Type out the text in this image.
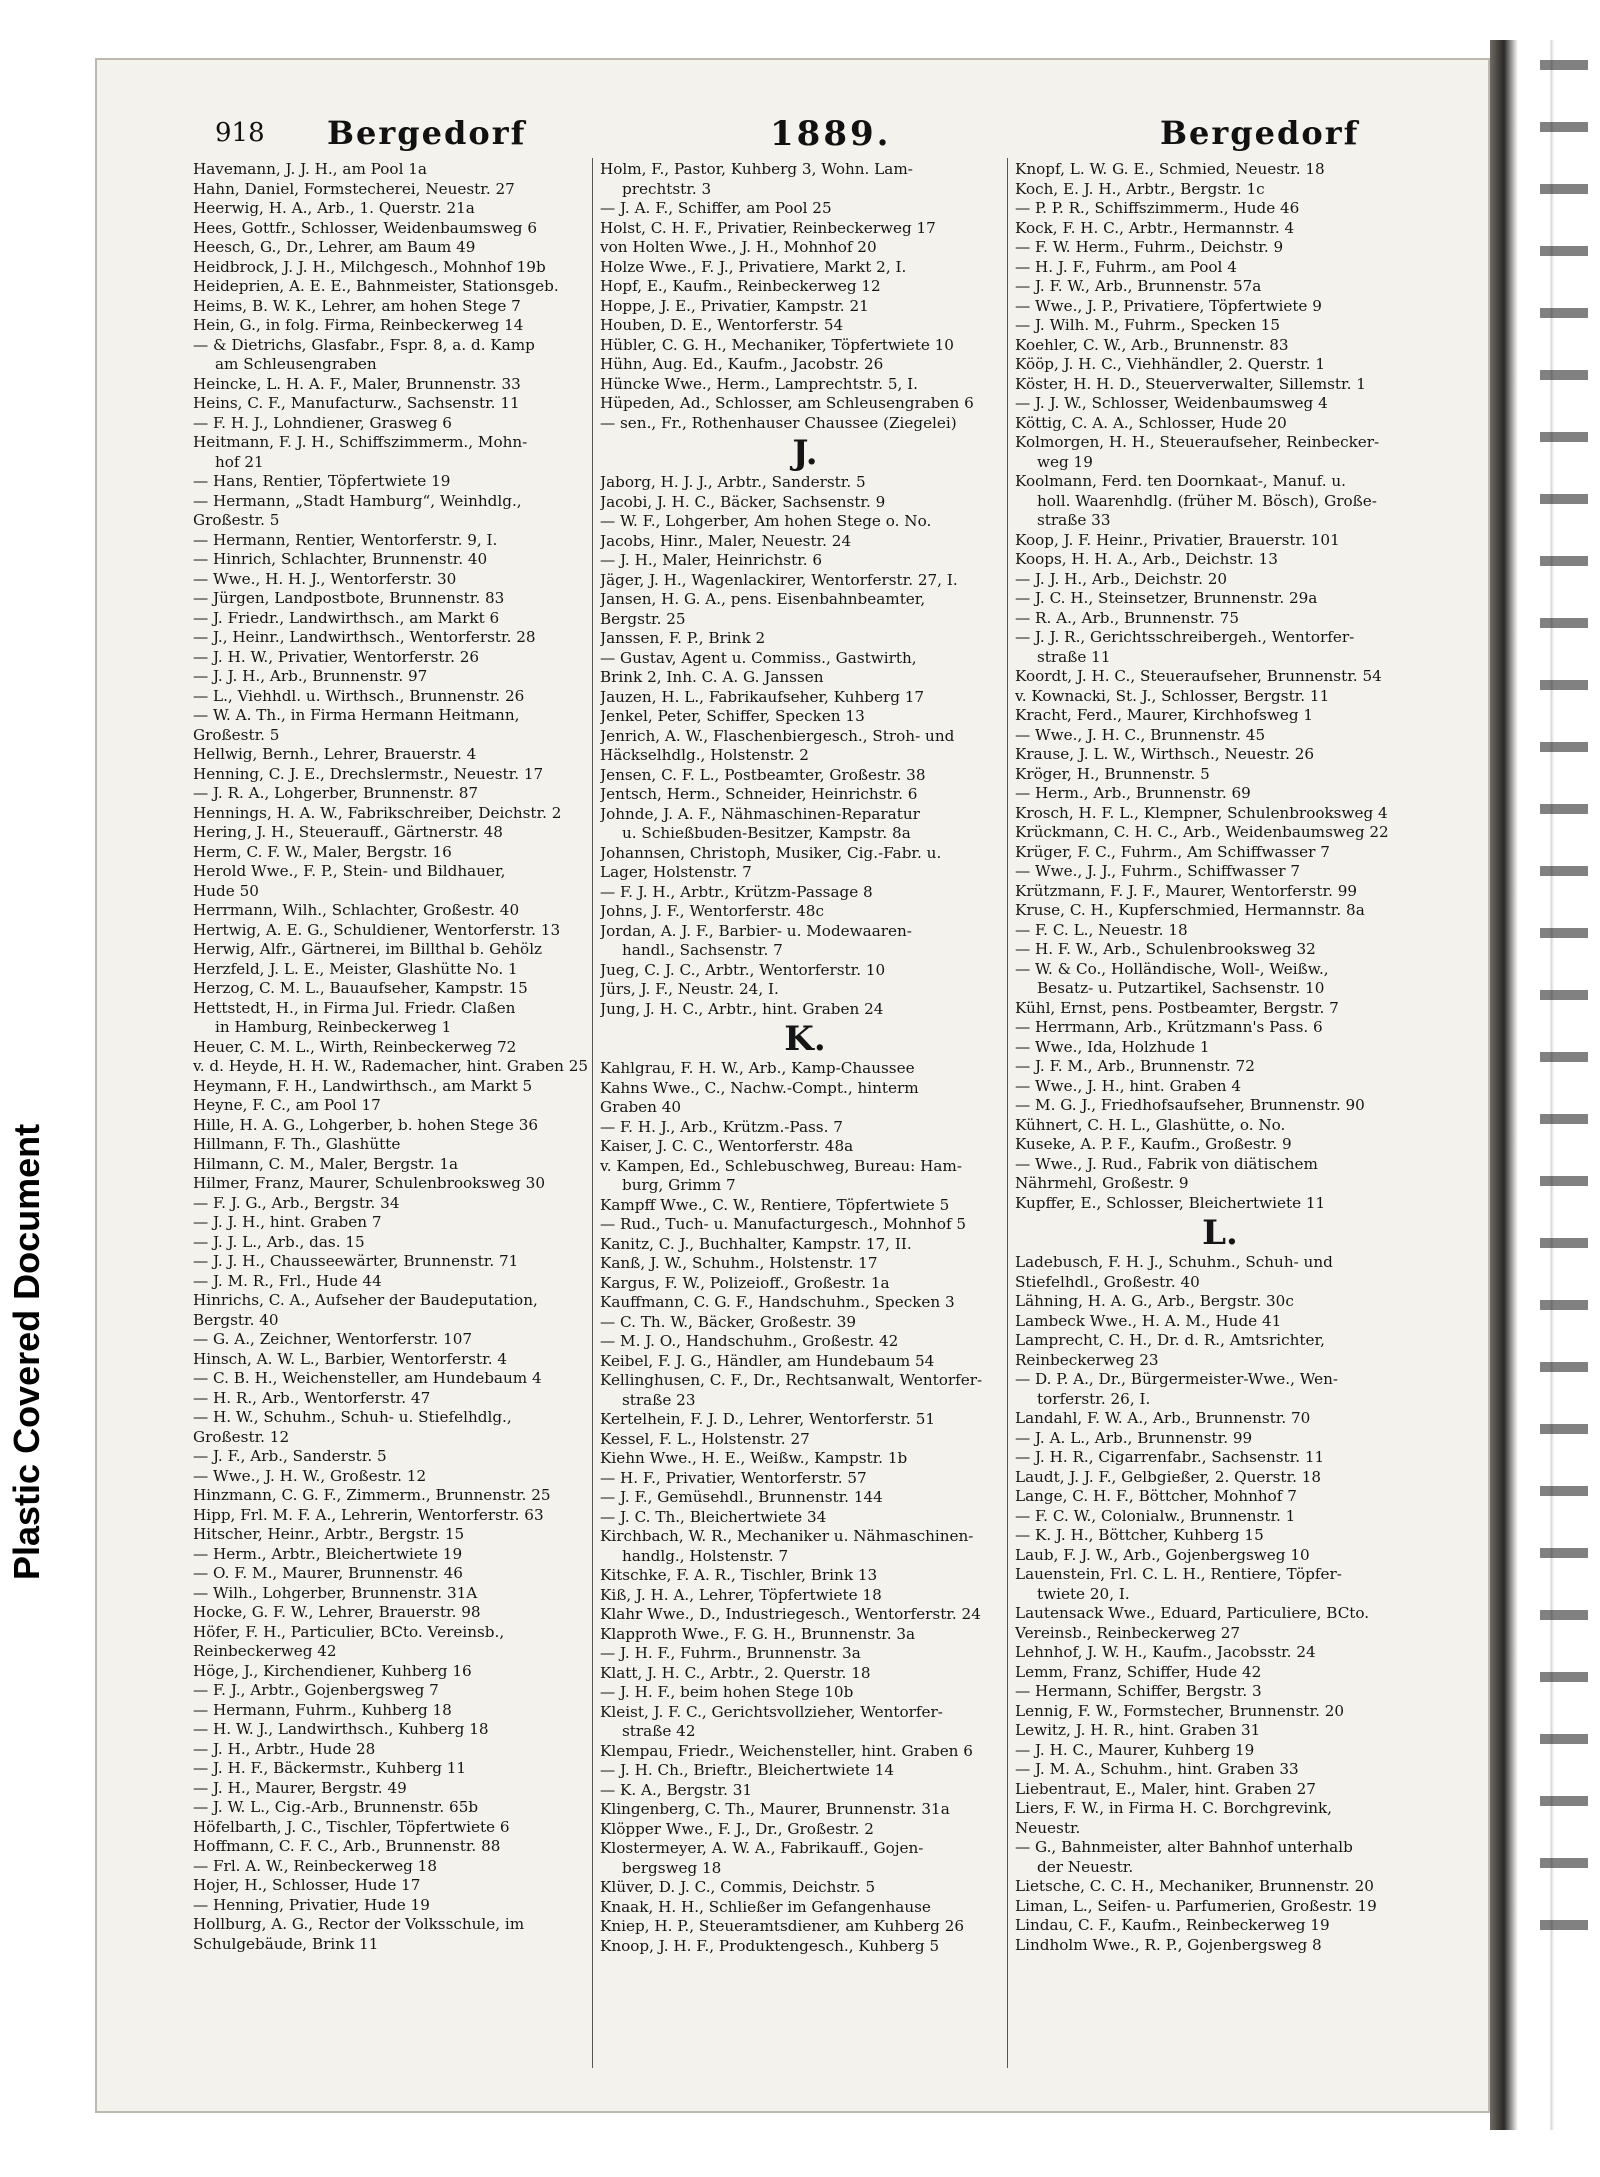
Plastic Covered Document
918 Bergedorf	1889.	Bergedorf
Havemann, J. J. H., am Pool 1a
Hahn, Daniel, Formstecherei, Neuestr. 27
Heerwig, H. A., Arb., 1. Querstr. 21a
Hees, Gottfr., Schlosser, Weidenbaumsweg 6
Heesch, G., Dr., Lehrer, am Baum 49
Heidbrock, J. J. H., Milchgesch., Mohnhof 19b
Heideprien, A. E. E., Bahnmeister, Stationsgeb.
Heims, B. W. K., Lehrer, am hohen Stege 7
Hein, G., in folg. Firma, Reinbeckerweg 14
— & Dietrichs, Glasfabr., Fspr. 8, a. d. Kamp
am Schleusengraben
Heincke, L. H. A. F., Maler, Brunnenstr. 33
Heins, C. F., Manufacturw., Sachsenstr. 11
— F. H. J., Lohndiener, Grasweg 6
Heitmann, F. J. H., Schiffszimmerm., Mohn-
hof 21
— Hans, Rentier, Töpfertwiete 19
— Hermann, „Stadt Hamburg“, Weinhdlg.,
Großestr. 5
— Hermann, Rentier, Wentorferstr. 9, I.
— Hinrich, Schlachter, Brunnenstr. 40
— Wwe., H. H. J., Wentorferstr. 30
— Jürgen, Landpostbote, Brunnenstr. 83
— J. Friedr., Landwirthsch., am Markt 6
— J., Heinr., Landwirthsch., Wentorferstr. 28
— J. H. W., Privatier, Wentorferstr. 26
— J. J. H., Arb., Brunnenstr. 97
— L., Viehhdl. u. Wirthsch., Brunnenstr. 26
— W. A. Th., in Firma Hermann Heitmann,
Großestr. 5
Hellwig, Bernh., Lehrer, Brauerstr. 4
Henning, C. J. E., Drechslermstr., Neuestr. 17
— J. R. A., Lohgerber, Brunnenstr. 87
Hennings, H. A. W., Fabrikschreiber, Deichstr. 2
Hering, J. H., Steuerauff., Gärtnerstr. 48
Herm, C. F. W., Maler, Bergstr. 16
Herold Wwe., F. P., Stein- und Bildhauer,
Hude 50
Herrmann, Wilh., Schlachter, Großestr. 40
Hertwig, A. E. G., Schuldiener, Wentorferstr. 13
Herwig, Alfr., Gärtnerei, im Billthal b. Gehölz
Herzfeld, J. L. E., Meister, Glashütte No. 1
Herzog, C. M. L., Bauaufseher, Kampstr. 15
Hettstedt, H., in Firma Jul. Friedr. Claßen
in Hamburg, Reinbeckerweg 1
Heuer, C. M. L., Wirth, Reinbeckerweg 72
v. d. Heyde, H. H. W., Rademacher, hint. Graben 25
Heymann, F. H., Landwirthsch., am Markt 5
Heyne, F. C., am Pool 17
Hille, H. A. G., Lohgerber, b. hohen Stege 36
Hillmann, F. Th., Glashütte
Hilmann, C. M., Maler, Bergstr. 1a
Hilmer, Franz, Maurer, Schulenbrooksweg 30
— F. J. G., Arb., Bergstr. 34
— J. J. H., hint. Graben 7
— J. J. L., Arb., das. 15
— J. J. H., Chausseewärter, Brunnenstr. 71
— J. M. R., Frl., Hude 44
Hinrichs, C. A., Aufseher der Baudeputation,
Bergstr. 40
— G. A., Zeichner, Wentorferstr. 107
Hinsch, A. W. L., Barbier, Wentorferstr. 4
— C. B. H., Weichensteller, am Hundebaum 4
— H. R., Arb., Wentorferstr. 47
— H. W., Schuhm., Schuh- u. Stiefelhdlg.,
Großestr. 12
— J. F., Arb., Sanderstr. 5
— Wwe., J. H. W., Großestr. 12
Hinzmann, C. G. F., Zimmerm., Brunnenstr. 25
Hipp, Frl. M. F. A., Lehrerin, Wentorferstr. 63
Hitscher, Heinr., Arbtr., Bergstr. 15
— Herm., Arbtr., Bleichertwiete 19
— O. F. M., Maurer, Brunnenstr. 46
— Wilh., Lohgerber, Brunnenstr. 31A
Hocke, G. F. W., Lehrer, Brauerstr. 98
Höfer, F. H., Particulier, BCto. Vereinsb.,
Reinbeckerweg 42
Höge, J., Kirchendiener, Kuhberg 16
— F. J., Arbtr., Gojenbergsweg 7
— Hermann, Fuhrm., Kuhberg 18
— H. W. J., Landwirthsch., Kuhberg 18
— J. H., Arbtr., Hude 28
— J. H. F., Bäckermstr., Kuhberg 11
— J. H., Maurer, Bergstr. 49
— J. W. L., Cig.-Arb., Brunnenstr. 65b
Höfelbarth, J. C., Tischler, Töpfertwiete 6
Hoffmann, C. F. C., Arb., Brunnenstr. 88
— Frl. A. W., Reinbeckerweg 18
Hojer, H., Schlosser, Hude 17
— Henning, Privatier, Hude 19
Hollburg, A. G., Rector der Volksschule, im
Schulgebäude, Brink 11
Holm, F., Pastor, Kuhberg 3, Wohn. Lam-
prechtstr. 3
— J. A. F., Schiffer, am Pool 25
Holst, C. H. F., Privatier, Reinbeckerweg 17
von Holten Wwe., J. H., Mohnhof 20
Holze Wwe., F. J., Privatiere, Markt 2, I.
Hopf, E., Kaufm., Reinbeckerweg 12
Hoppe, J. E., Privatier, Kampstr. 21
Houben, D. E., Wentorferstr. 54
Hübler, C. G. H., Mechaniker, Töpfertwiete 10
Hühn, Aug. Ed., Kaufm., Jacobstr. 26
Hüncke Wwe., Herm., Lamprechtstr. 5, I.
Hüpeden, Ad., Schlosser, am Schleusengraben 6
— sen., Fr., Rothenhauser Chaussee (Ziegelei)
J.
Jaborg, H. J. J., Arbtr., Sanderstr. 5
Jacobi, J. H. C., Bäcker, Sachsenstr. 9
— W. F., Lohgerber, Am hohen Stege o. No.
Jacobs, Hinr., Maler, Neuestr. 24
— J. H., Maler, Heinrichstr. 6
Jäger, J. H., Wagenlackirer, Wentorferstr. 27, I.
Jansen, H. G. A., pens. Eisenbahnbeamter,
Bergstr. 25
Janssen, F. P., Brink 2
— Gustav, Agent u. Commiss., Gastwirth,
Brink 2, Inh. C. A. G. Janssen
Jauzen, H. L., Fabrikaufseher, Kuhberg 17
Jenkel, Peter, Schiffer, Specken 13
Jenrich, A. W., Flaschenbiergesch., Stroh- und
Häckselhdlg., Holstenstr. 2
Jensen, C. F. L., Postbeamter, Großestr. 38
Jentsch, Herm., Schneider, Heinrichstr. 6
Johnde, J. A. F., Nähmaschinen-Reparatur
u. Schießbuden-Besitzer, Kampstr. 8a
Johannsen, Christoph, Musiker, Cig.-Fabr. u.
Lager, Holstenstr. 7
— F. J. H., Arbtr., Krützm-Passage 8
Johns, J. F., Wentorferstr. 48c
Jordan, A. J. F., Barbier- u. Modewaaren-
handl., Sachsenstr. 7
Jueg, C. J. C., Arbtr., Wentorferstr. 10
Jürs, J. F., Neustr. 24, I.
Jung, J. H. C., Arbtr., hint. Graben 24
K.
Kahlgrau, F. H. W., Arb., Kamp-Chaussee
Kahns Wwe., C., Nachw.-Compt., hinterm
Graben 40
— F. H. J., Arb., Krützm.-Pass. 7
Kaiser, J. C. C., Wentorferstr. 48a
v. Kampen, Ed., Schlebuschweg, Bureau: Ham-
burg, Grimm 7
Kampff Wwe., C. W., Rentiere, Töpfertwiete 5
— Rud., Tuch- u. Manufacturgesch., Mohnhof 5
Kanitz, C. J., Buchhalter, Kampstr. 17, II.
Kanß, J. W., Schuhm., Holstenstr. 17
Kargus, F. W., Polizeioff., Großestr. 1a
Kauffmann, C. G. F., Handschuhm., Specken 3
— C. Th. W., Bäcker, Großestr. 39
— M. J. O., Handschuhm., Großestr. 42
Keibel, F. J. G., Händler, am Hundebaum 54
Kellinghusen, C. F., Dr., Rechtsanwalt, Wentorfer-
straße 23
Kertelhein, F. J. D., Lehrer, Wentorferstr. 51
Kessel, F. L., Holstenstr. 27
Kiehn Wwe., H. E., Weißw., Kampstr. 1b
— H. F., Privatier, Wentorferstr. 57
— J. F., Gemüsehdl., Brunnenstr. 144
— J. C. Th., Bleichertwiete 34
Kirchbach, W. R., Mechaniker u. Nähmaschinen-
handlg., Holstenstr. 7
Kitschke, F. A. R., Tischler, Brink 13
Kiß, J. H. A., Lehrer, Töpfertwiete 18
Klahr Wwe., D., Industriegesch., Wentorferstr. 24
Klapproth Wwe., F. G. H., Brunnenstr. 3a
— J. H. F., Fuhrm., Brunnenstr. 3a
Klatt, J. H. C., Arbtr., 2. Querstr. 18
— J. H. F., beim hohen Stege 10b
Kleist, J. F. C., Gerichtsvollzieher, Wentorfer-
straße 42
Klempau, Friedr., Weichensteller, hint. Graben 6
— J. H. Ch., Brieftr., Bleichertwiete 14
— K. A., Bergstr. 31
Klingenberg, C. Th., Maurer, Brunnenstr. 31a
Klöpper Wwe., F. J., Dr., Großestr. 2
Klostermeyer, A. W. A., Fabrikauff., Gojen-
bergsweg 18
Klüver, D. J. C., Commis, Deichstr. 5
Knaak, H. H., Schließer im Gefangenhause
Kniep, H. P., Steueramtsdiener, am Kuhberg 26
Knoop, J. H. F., Produktengesch., Kuhberg 5
Knopf, L. W. G. E., Schmied, Neuestr. 18
Koch, E. J. H., Arbtr., Bergstr. 1c
— P. P. R., Schiffszimmerm., Hude 46
Kock, F. H. C., Arbtr., Hermannstr. 4
— F. W. Herm., Fuhrm., Deichstr. 9
— H. J. F., Fuhrm., am Pool 4
— J. F. W., Arb., Brunnenstr. 57a
— Wwe., J. P., Privatiere, Töpfertwiete 9
— J. Wilh. M., Fuhrm., Specken 15
Koehler, C. W., Arb., Brunnenstr. 83
Kööp, J. H. C., Viehhändler, 2. Querstr. 1
Köster, H. H. D., Steuerverwalter, Sillemstr. 1
— J. J. W., Schlosser, Weidenbaumsweg 4
Köttig, C. A. A., Schlosser, Hude 20
Kolmorgen, H. H., Steueraufseher, Reinbecker-
weg 19
Koolmann, Ferd. ten Doornkaat-, Manuf. u.
holl. Waarenhdlg. (früher M. Bösch), Große-
straße 33
Koop, J. F. Heinr., Privatier, Brauerstr. 101
Koops, H. H. A., Arb., Deichstr. 13
— J. J. H., Arb., Deichstr. 20
— J. C. H., Steinsetzer, Brunnenstr. 29a
— R. A., Arb., Brunnenstr. 75
— J. J. R., Gerichtsschreibergeh., Wentorfer-
straße 11
Koordt, J. H. C., Steueraufseher, Brunnenstr. 54
v. Kownacki, St. J., Schlosser, Bergstr. 11
Kracht, Ferd., Maurer, Kirchhofsweg 1
— Wwe., J. H. C., Brunnenstr. 45
Krause, J. L. W., Wirthsch., Neuestr. 26
Kröger, H., Brunnenstr. 5
— Herm., Arb., Brunnenstr. 69
Krosch, H. F. L., Klempner, Schulenbrooksweg 4
Krückmann, C. H. C., Arb., Weidenbaumsweg 22
Krüger, F. C., Fuhrm., Am Schiffwasser 7
— Wwe., J. J., Fuhrm., Schiffwasser 7
Krützmann, F. J. F., Maurer, Wentorferstr. 99
Kruse, C. H., Kupferschmied, Hermannstr. 8a
— F. C. L., Neuestr. 18
— H. F. W., Arb., Schulenbrooksweg 32
— W. & Co., Holländische, Woll-, Weißw.,
Besatz- u. Putzartikel, Sachsenstr. 10
Kühl, Ernst, pens. Postbeamter, Bergstr. 7
— Herrmann, Arb., Krützmann's Pass. 6
— Wwe., Ida, Holzhude 1
— J. F. M., Arb., Brunnenstr. 72
— Wwe., J. H., hint. Graben 4
— M. G. J., Friedhofsaufseher, Brunnenstr. 90
Kühnert, C. H. L., Glashütte, o. No.
Kuseke, A. P. F., Kaufm., Großestr. 9
— Wwe., J. Rud., Fabrik von diätischem
Nährmehl, Großestr. 9
Kupffer, E., Schlosser, Bleichertwiete 11
L.
Ladebusch, F. H. J., Schuhm., Schuh- und
Stiefelhdl., Großestr. 40
Lähning, H. A. G., Arb., Bergstr. 30c
Lambeck Wwe., H. A. M., Hude 41
Lamprecht, C. H., Dr. d. R., Amtsrichter,
Reinbeckerweg 23
— D. P. A., Dr., Bürgermeister-Wwe., Wen-
torferstr. 26, I.
Landahl, F. W. A., Arb., Brunnenstr. 70
— J. A. L., Arb., Brunnenstr. 99
— J. H. R., Cigarrenfabr., Sachsenstr. 11
Laudt, J. J. F., Gelbgießer, 2. Querstr. 18
Lange, C. H. F., Böttcher, Mohnhof 7
— F. C. W., Colonialw., Brunnenstr. 1
— K. J. H., Böttcher, Kuhberg 15
Laub, F. J. W., Arb., Gojenbergsweg 10
Lauenstein, Frl. C. L. H., Rentiere, Töpfer-
twiete 20, I.
Lautensack Wwe., Eduard, Particuliere, BCto.
Vereinsb., Reinbeckerweg 27
Lehnhof, J. W. H., Kaufm., Jacobsstr. 24
Lemm, Franz, Schiffer, Hude 42
— Hermann, Schiffer, Bergstr. 3
Lennig, F. W., Formstecher, Brunnenstr. 20
Lewitz, J. H. R., hint. Graben 31
— J. H. C., Maurer, Kuhberg 19
— J. M. A., Schuhm., hint. Graben 33
Liebentraut, E., Maler, hint. Graben 27
Liers, F. W., in Firma H. C. Borchgrevink,
Neuestr.
— G., Bahnmeister, alter Bahnhof unterhalb
der Neuestr.
Lietsche, C. C. H., Mechaniker, Brunnenstr. 20
Liman, L., Seifen- u. Parfumerien, Großestr. 19
Lindau, C. F., Kaufm., Reinbeckerweg 19
Lindholm Wwe., R. P., Gojenbergsweg 8
